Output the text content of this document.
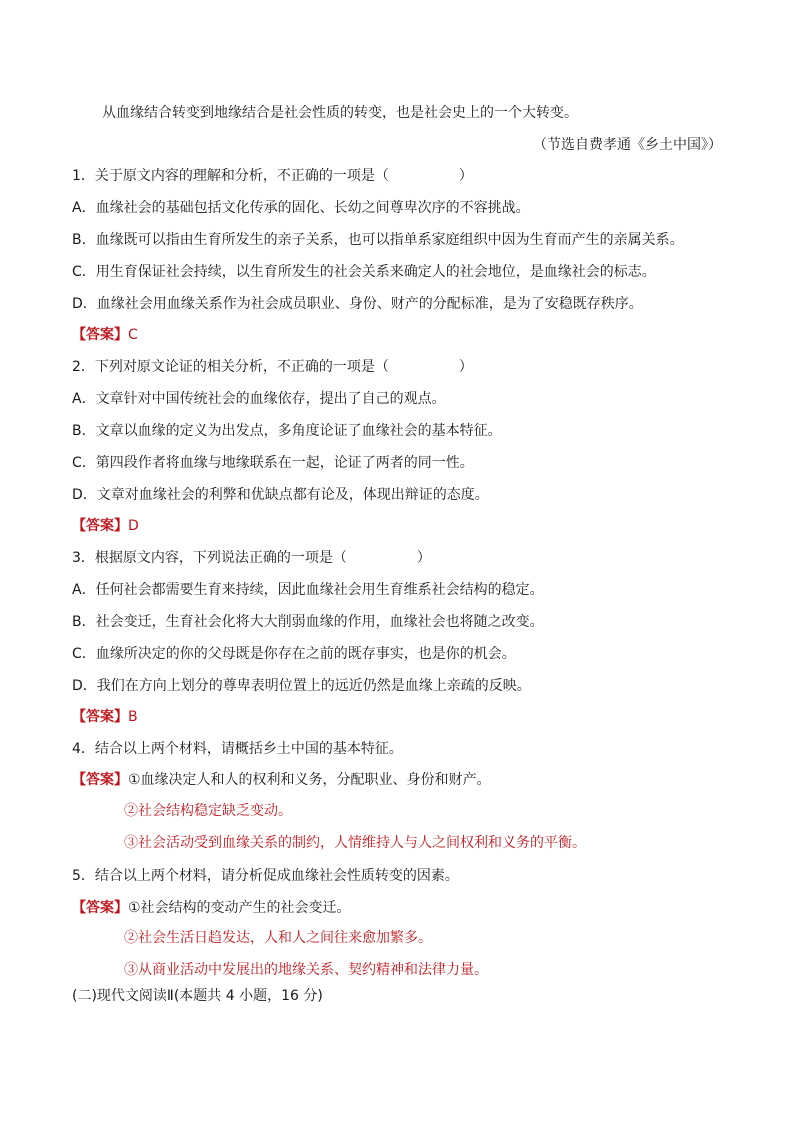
从血缘结合转变到地缘结合是社会性质的转变，也是社会史上的一个大转变。
（节选自费孝通《乡土中国》）
1．关于原文内容的理解和分析，不正确的一项是（　　　　　）
A．血缘社会的基础包括文化传承的固化、长幼之间尊卑次序的不容挑战。
B．血缘既可以指由生育所发生的亲子关系，也可以指单系家庭组织中因为生育而产生的亲属关系。
C．用生育保证社会持续，以生育所发生的社会关系来确定人的社会地位，是血缘社会的标志。
D．血缘社会用血缘关系作为社会成员职业、身份、财产的分配标准，是为了安稳既存秩序。
【答案】C
2．下列对原文论证的相关分析，不正确的一项是（　　　　　）
A．文章针对中国传统社会的血缘依存，提出了自己的观点。
B．文章以血缘的定义为出发点，多角度论证了血缘社会的基本特征。
C．第四段作者将血缘与地缘联系在一起，论证了两者的同一性。
D．文章对血缘社会的利弊和优缺点都有论及，体现出辩证的态度。
【答案】D
3．根据原文内容，下列说法正确的一项是（　　　　　）
A．任何社会都需要生育来持续，因此血缘社会用生育维系社会结构的稳定。
B．社会变迁，生育社会化将大大削弱血缘的作用，血缘社会也将随之改变。
C．血缘所决定的你的父母既是你存在之前的既存事实，也是你的机会。
D．我们在方向上划分的尊卑表明位置上的远近仍然是血缘上亲疏的反映。
【答案】B
4．结合以上两个材料，请概括乡土中国的基本特征。
【答案】①血缘决定人和人的权利和义务，分配职业、身份和财产。
②社会结构稳定缺乏变动。
③社会活动受到血缘关系的制约，人情维持人与人之间权利和义务的平衡。
5．结合以上两个材料，请分析促成血缘社会性质转变的因素。
【答案】①社会结构的变动产生的社会变迁。
②社会生活日趋发达，人和人之间往来愈加繁多。
③从商业活动中发展出的地缘关系、契约精神和法律力量。
(二)现代文阅读Ⅱ(本题共 4 小题，16 分)
